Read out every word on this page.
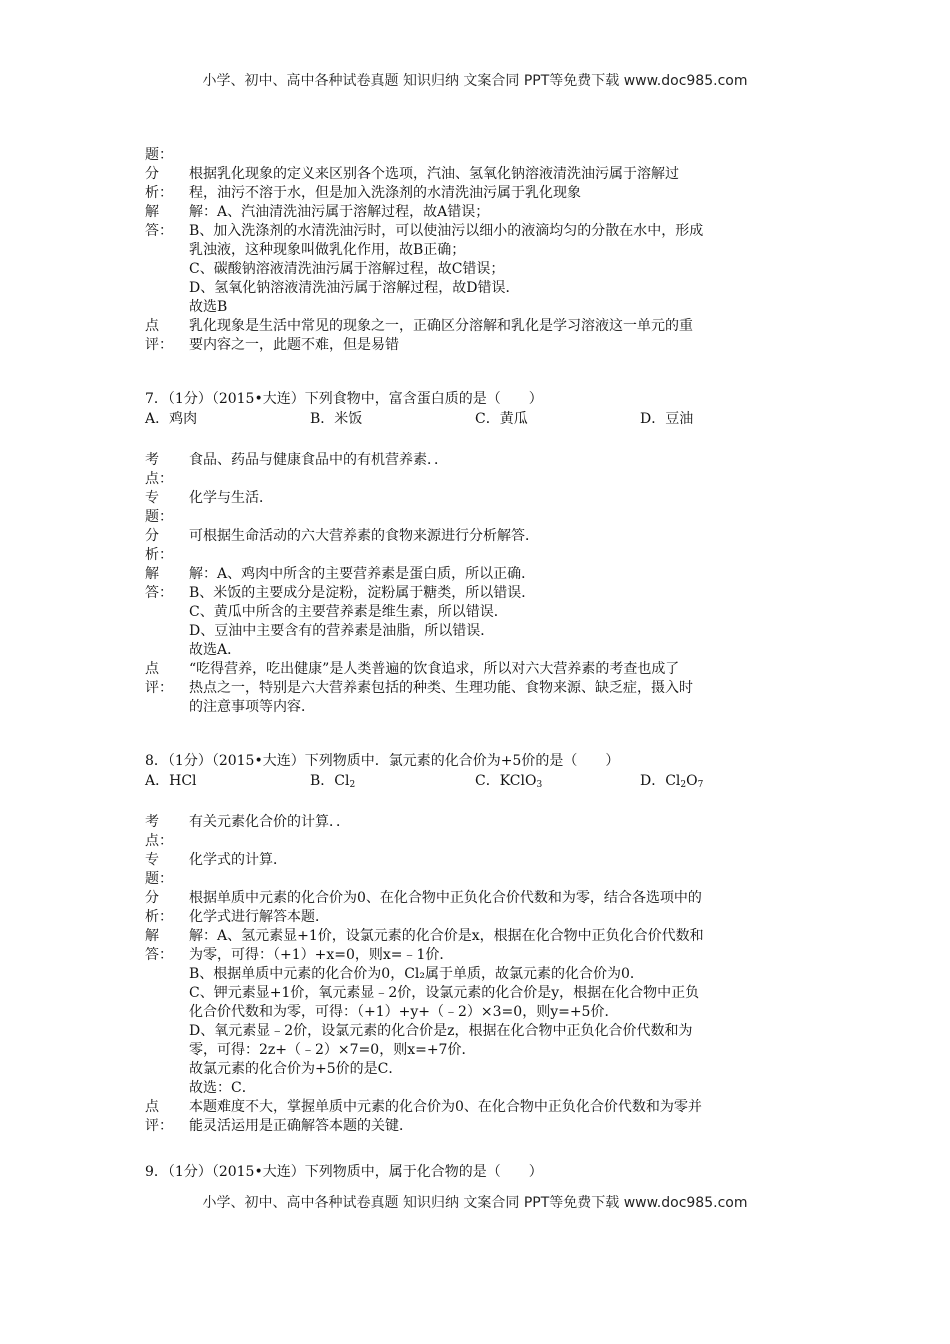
小学、初中、高中各种试卷真题 知识归纳 文案合同 PPT等免费下载 www.doc985.com
题：
分
析：
根据乳化现象的定义来区别各个选项，汽油、氢氧化钠溶液清洗油污属于溶解过
程，油污不溶于水，但是加入洗涤剂的水清洗油污属于乳化现象
解
答：
解：A、汽油清洗油污属于溶解过程，故A错误；
B、加入洗涤剂的水清洗油污时，可以使油污以细小的液滴均匀的分散在水中，形成
乳浊液，这种现象叫做乳化作用，故B正确；
C、碳酸钠溶液清洗油污属于溶解过程，故C错误；
D、氢氧化钠溶液清洗油污属于溶解过程，故D错误．
故选B
点
评：
乳化现象是生活中常见的现象之一，正确区分溶解和乳化是学习溶液这一单元的重
要内容之一，此题不难，但是易错
7．（1分）（2015•大连）下列食物中，富含蛋白质的是（　　）
A．鸡肉	B．米饭	C．黄瓜	D．豆油
考
点：
食品、药品与健康食品中的有机营养素．．
专
题：
化学与生活．
分
析：
可根据生命活动的六大营养素的食物来源进行分析解答．
解
答：
解：A、鸡肉中所含的主要营养素是蛋白质，所以正确．
B、米饭的主要成分是淀粉，淀粉属于糖类，所以错误．
C、黄瓜中所含的主要营养素是维生素，所以错误．
D、豆油中主要含有的营养素是油脂，所以错误．
故选A．
点
评：
“吃得营养，吃出健康”是人类普遍的饮食追求，所以对六大营养素的考查也成了
热点之一，特别是六大营养素包括的种类、生理功能、食物来源、缺乏症，摄入时
的注意事项等内容．
8．（1分）（2015•大连）下列物质中．氯元素的化合价为+5价的是（　　）
A．HCl	B．$Cl_2$	C．KClO$_3$	D．$Cl_2O_7$
考
点：
有关元素化合价的计算．．
专
题：
化学式的计算．
分
析：
根据单质中元素的化合价为0、在化合物中正负化合价代数和为零，结合各选项中的
化学式进行解答本题．
解
答：
解：A、氢元素显+1价，设氯元素的化合价是x，根据在化合物中正负化合价代数和
为零，可得：（+1）+x=0，则x=﹣1价．
B、根据单质中元素的化合价为0，Cl₂属于单质，故氯元素的化合价为0．
C、钾元素显+1价，氧元素显﹣2价，设氯元素的化合价是y，根据在化合物中正负
化合价代数和为零，可得：（+1）+y+（﹣2）×3=0，则y=+5价．
D、氧元素显﹣2价，设氯元素的化合价是z，根据在化合物中正负化合价代数和为
零，可得：2z+（﹣2）×7=0，则x=+7价．
故氯元素的化合价为+5价的是C．
故选：C．
点
评：
本题难度不大，掌握单质中元素的化合价为0、在化合物中正负化合价代数和为零并
能灵活运用是正确解答本题的关键．
9．（1分）（2015•大连）下列物质中，属于化合物的是（　　）
小学、初中、高中各种试卷真题 知识归纳 文案合同 PPT等免费下载 www.doc985.com
